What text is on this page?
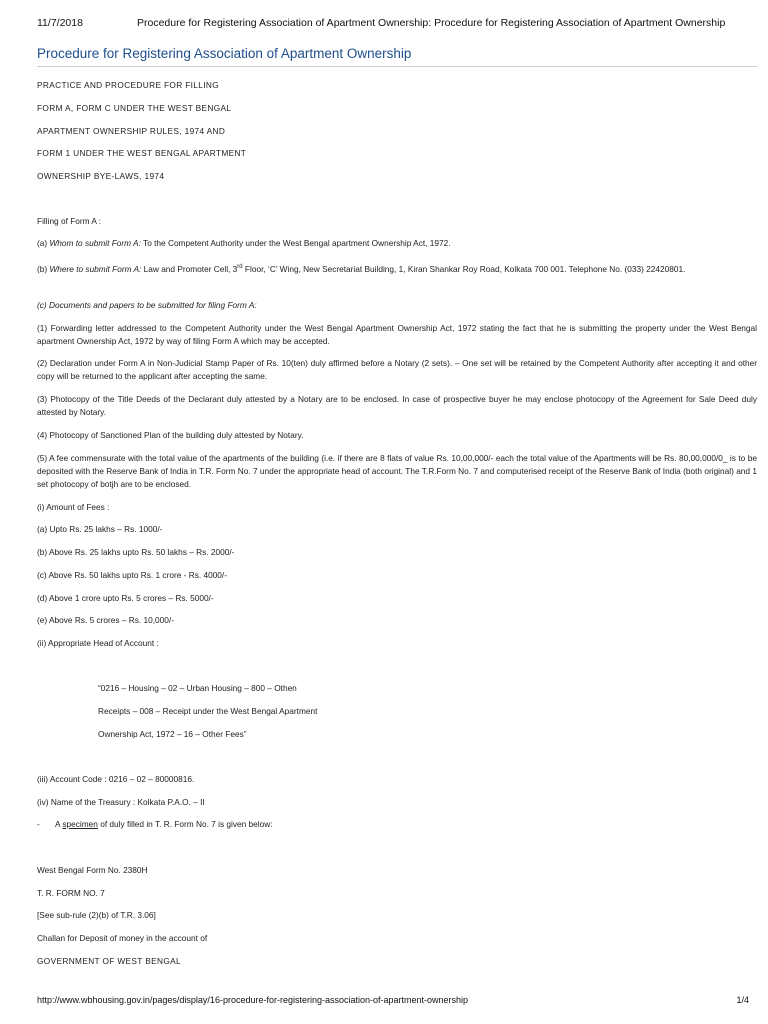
11/7/2018	Procedure for Registering Association of Apartment Ownership: Procedure for Registering Association of Apartment Ownership
Procedure for Registering Association of Apartment Ownership
PRACTICE AND PROCEDURE FOR FILLING
FORM A, FORM C UNDER THE WEST BENGAL
APARTMENT OWNERSHIP RULES, 1974 AND
FORM 1 UNDER THE WEST BENGAL APARTMENT
OWNERSHIP BYE-LAWS, 1974
Filling of Form A :
(a) Whom to submit Form A: To the Competent Authority under the West Bengal apartment Ownership Act, 1972.
(b) Where to submit Form A: Law and Promoter Cell, 3rd Floor, ‘C’ Wing, New Secretariat Building, 1, Kiran Shankar Roy Road, Kolkata 700 001. Telephone No. (033) 22420801.
(c) Documents and papers to be submitted for filing Form A:
(1) Forwarding letter addressed to the Competent Authority under the West Bengal Apartment Ownership Act, 1972 stating the fact that he is submitting the property under the West Bengal apartment Ownership Act, 1972 by way of filing Form A which may be accepted.
(2) Declaration under Form A in Non-Judicial Stamp Paper of Rs. 10(ten) duly affirmed before a Notary (2 sets). – One set will be retained by the Competent Authority after accepting it and other copy will be returned to the applicant after accepting the same.
(3) Photocopy of the Title Deeds of the Declarant duly attested by a Notary are to be enclosed. In case of prospective buyer he may enclose photocopy of the Agreement for Sale Deed duly attested by Notary.
(4) Photocopy of Sanctioned Plan of the building duly attested by Notary.
(5) A fee commensurate with the total value of the apartments of the building (i.e. if there are 8 flats of value Rs. 10,00,000/- each the total value of the Apartments will be Rs. 80,00,000/0_ is to be deposited with the Reserve Bank of India in T.R. Form No. 7 under the appropriate head of account. The T.R.Form No. 7 and computerised receipt of the Reserve Bank of India (both original) and 1 set photocopy of botjh are to be enclosed.
(i) Amount of Fees :
(a) Upto Rs. 25 lakhs – Rs. 1000/-
(b) Above Rs. 25 lakhs upto Rs. 50 lakhs – Rs. 2000/-
(c) Above Rs. 50 lakhs upto Rs. 1 crore - Rs. 4000/-
(d) Above 1 crore upto Rs. 5 crores – Rs. 5000/-
(e) Above Rs. 5 crores – Rs. 10,000/-
(ii) Appropriate Head of Account :
“0216 – Housing – 02 – Urban Housing – 800 – Othen
Receipts – 008 – Receipt under the West Bengal Apartment
Ownership Act, 1972 – 16 – Other Fees”
(iii) Account Code : 0216 – 02 – 80000816.
(iv) Name of the Treasury : Kolkata P.A.O. – II
- A specimen of duly filled in T. R. Form No. 7 is given below:
West Bengal Form No. 2380H
T. R. FORM NO. 7
[See sub-rule (2)(b) of T.R. 3.06]
Challan for Deposit of money in the account of
GOVERNMENT OF WEST BENGAL
http://www.wbhousing.gov.in/pages/display/16-procedure-for-registering-association-of-apartment-ownership	1/4
